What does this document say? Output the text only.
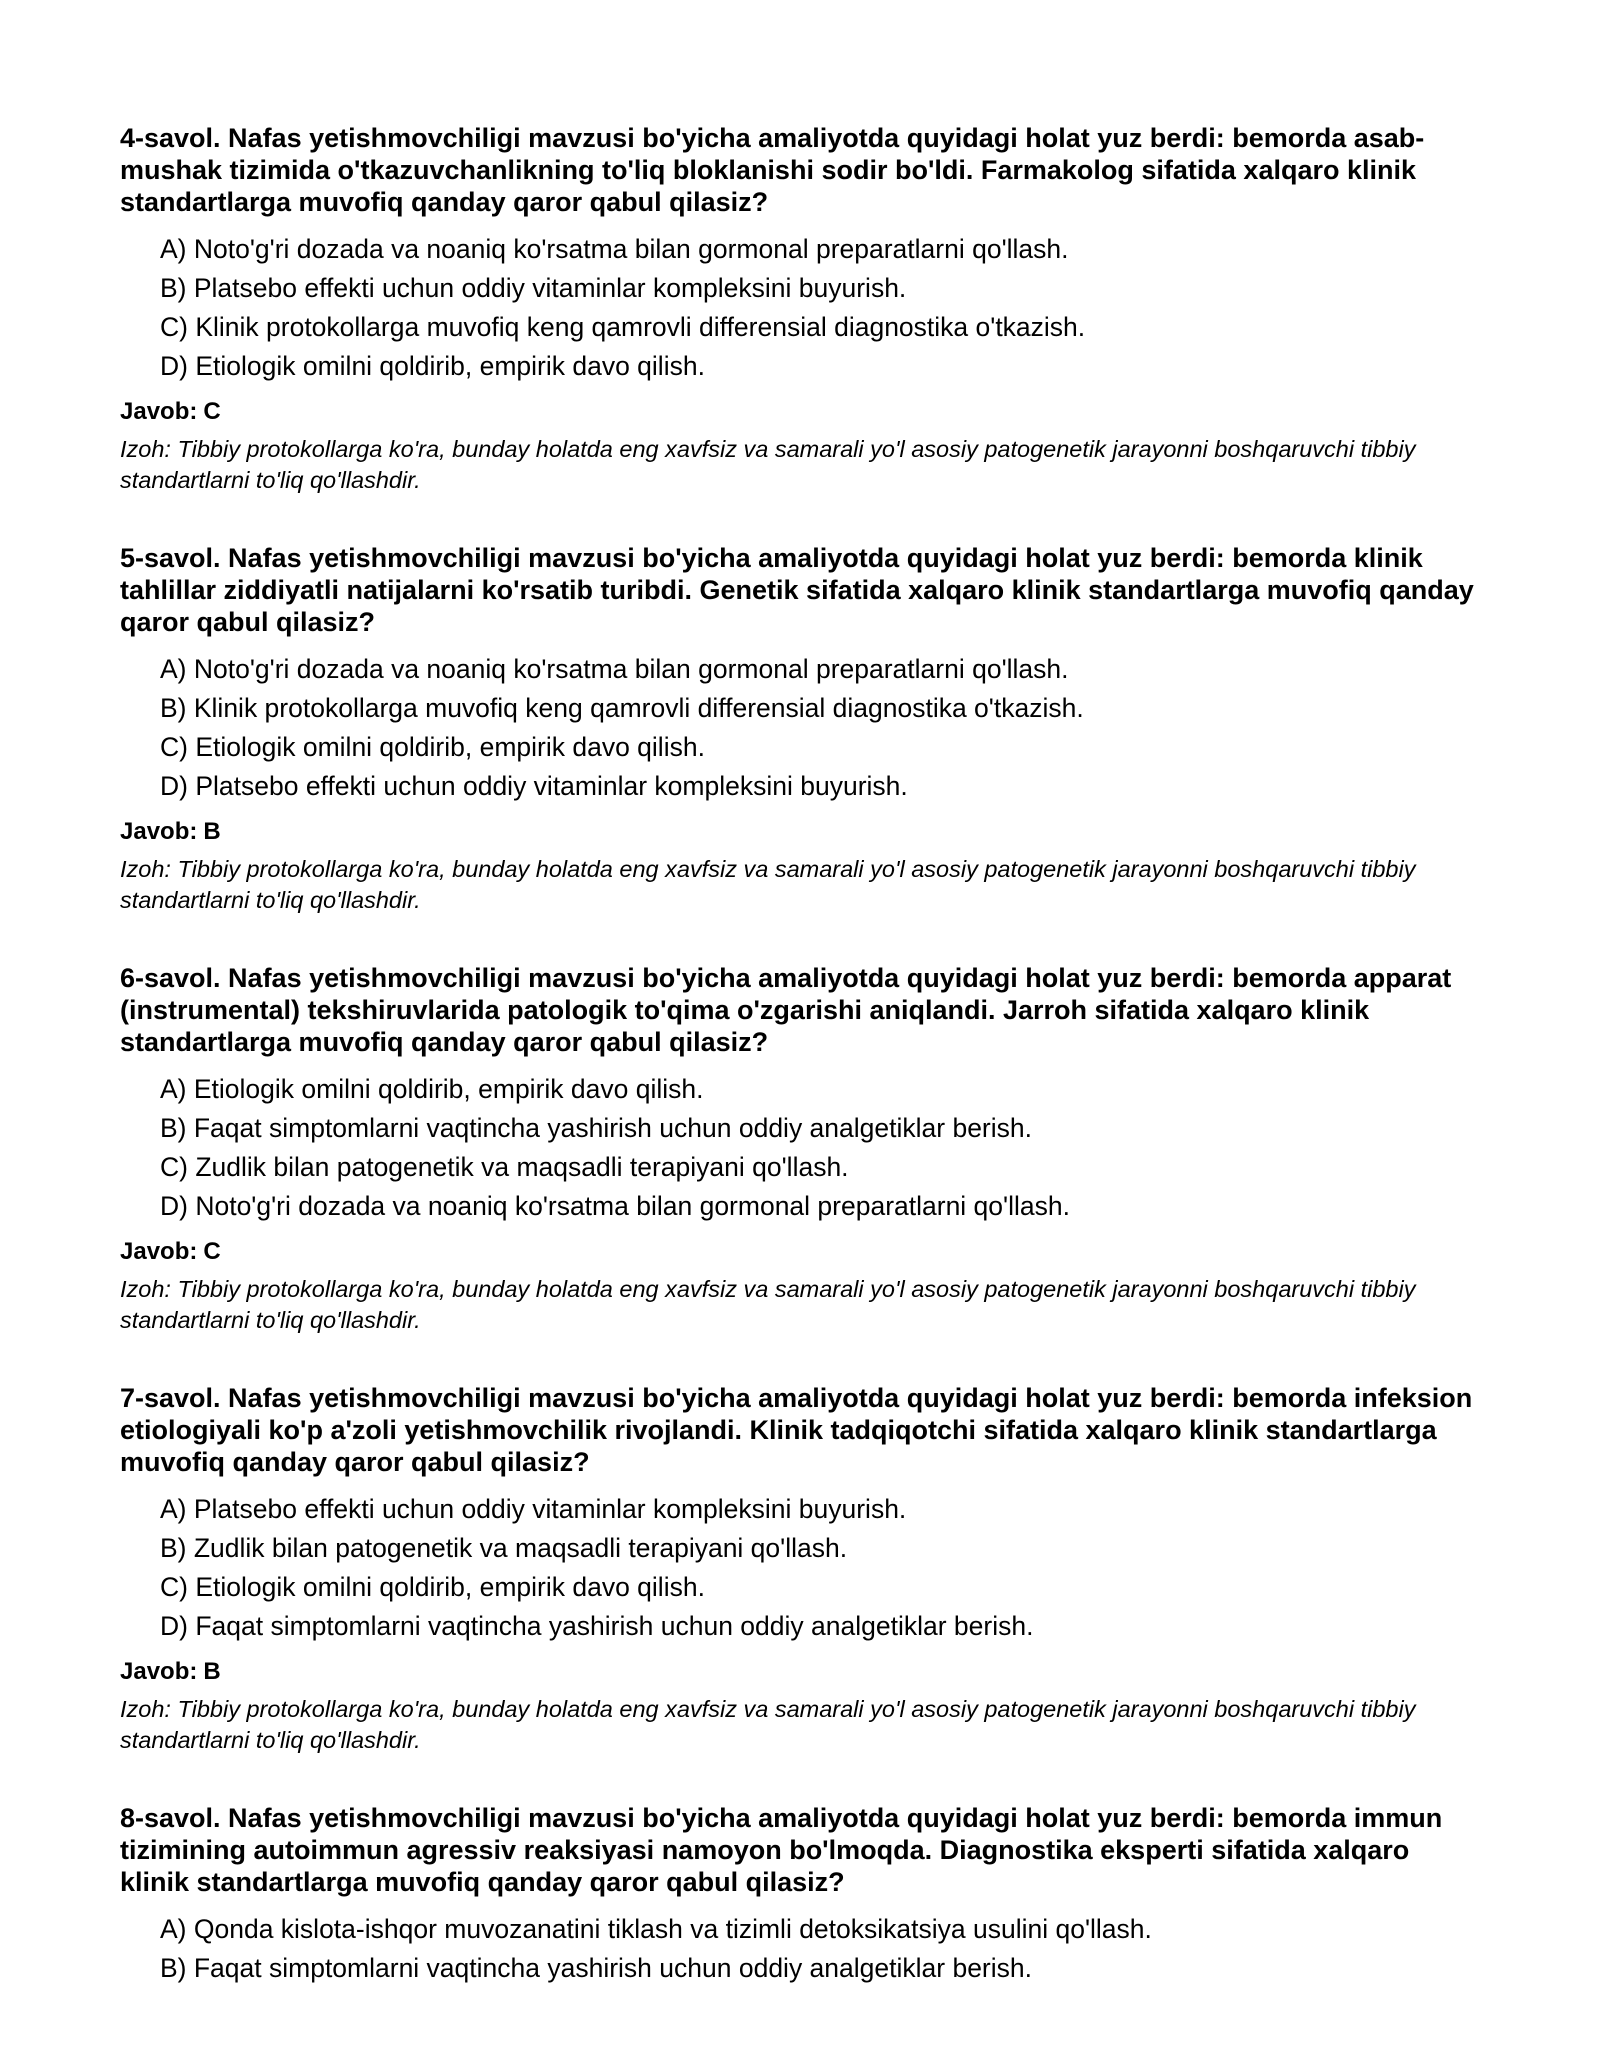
4-savol. Nafas yetishmovchiligi mavzusi bo'yicha amaliyotda quyidagi holat yuz berdi: bemorda asab-mushak tizimida o'tkazuvchanlikning to'liq bloklanishi sodir bo'ldi. Farmakolog sifatida xalqaro klinik standartlarga muvofiq qanday qaror qabul qilasiz?
A) Noto'g'ri dozada va noaniq ko'rsatma bilan gormonal preparatlarni qo'llash.
B) Platsebo effekti uchun oddiy vitaminlar kompleksini buyurish.
C) Klinik protokollarga muvofiq keng qamrovli differensial diagnostika o'tkazish.
D) Etiologik omilni qoldirib, empirik davo qilish.
Javob: C
Izoh: Tibbiy protokollarga ko'ra, bunday holatda eng xavfsiz va samarali yo'l asosiy patogenetik jarayonni boshqaruvchi tibbiy standartlarni to'liq qo'llashdir.
5-savol. Nafas yetishmovchiligi mavzusi bo'yicha amaliyotda quyidagi holat yuz berdi: bemorda klinik tahlillar ziddiyatli natijalarni ko'rsatib turibdi. Genetik sifatida xalqaro klinik standartlarga muvofiq qanday qaror qabul qilasiz?
A) Noto'g'ri dozada va noaniq ko'rsatma bilan gormonal preparatlarni qo'llash.
B) Klinik protokollarga muvofiq keng qamrovli differensial diagnostika o'tkazish.
C) Etiologik omilni qoldirib, empirik davo qilish.
D) Platsebo effekti uchun oddiy vitaminlar kompleksini buyurish.
Javob: B
Izoh: Tibbiy protokollarga ko'ra, bunday holatda eng xavfsiz va samarali yo'l asosiy patogenetik jarayonni boshqaruvchi tibbiy standartlarni to'liq qo'llashdir.
6-savol. Nafas yetishmovchiligi mavzusi bo'yicha amaliyotda quyidagi holat yuz berdi: bemorda apparat (instrumental) tekshiruvlarida patologik to'qima o'zgarishi aniqlandi. Jarroh sifatida xalqaro klinik standartlarga muvofiq qanday qaror qabul qilasiz?
A) Etiologik omilni qoldirib, empirik davo qilish.
B) Faqat simptomlarni vaqtincha yashirish uchun oddiy analgetiklar berish.
C) Zudlik bilan patogenetik va maqsadli terapiyani qo'llash.
D) Noto'g'ri dozada va noaniq ko'rsatma bilan gormonal preparatlarni qo'llash.
Javob: C
Izoh: Tibbiy protokollarga ko'ra, bunday holatda eng xavfsiz va samarali yo'l asosiy patogenetik jarayonni boshqaruvchi tibbiy standartlarni to'liq qo'llashdir.
7-savol. Nafas yetishmovchiligi mavzusi bo'yicha amaliyotda quyidagi holat yuz berdi: bemorda infeksion etiologiyali ko'p a'zoli yetishmovchilik rivojlandi. Klinik tadqiqotchi sifatida xalqaro klinik standartlarga muvofiq qanday qaror qabul qilasiz?
A) Platsebo effekti uchun oddiy vitaminlar kompleksini buyurish.
B) Zudlik bilan patogenetik va maqsadli terapiyani qo'llash.
C) Etiologik omilni qoldirib, empirik davo qilish.
D) Faqat simptomlarni vaqtincha yashirish uchun oddiy analgetiklar berish.
Javob: B
Izoh: Tibbiy protokollarga ko'ra, bunday holatda eng xavfsiz va samarali yo'l asosiy patogenetik jarayonni boshqaruvchi tibbiy standartlarni to'liq qo'llashdir.
8-savol. Nafas yetishmovchiligi mavzusi bo'yicha amaliyotda quyidagi holat yuz berdi: bemorda immun tizimining autoimmun agressiv reaksiyasi namoyon bo'lmoqda. Diagnostika eksperti sifatida xalqaro klinik standartlarga muvofiq qanday qaror qabul qilasiz?
A) Qonda kislota-ishqor muvozanatini tiklash va tizimli detoksikatsiya usulini qo'llash.
B) Faqat simptomlarni vaqtincha yashirish uchun oddiy analgetiklar berish.
